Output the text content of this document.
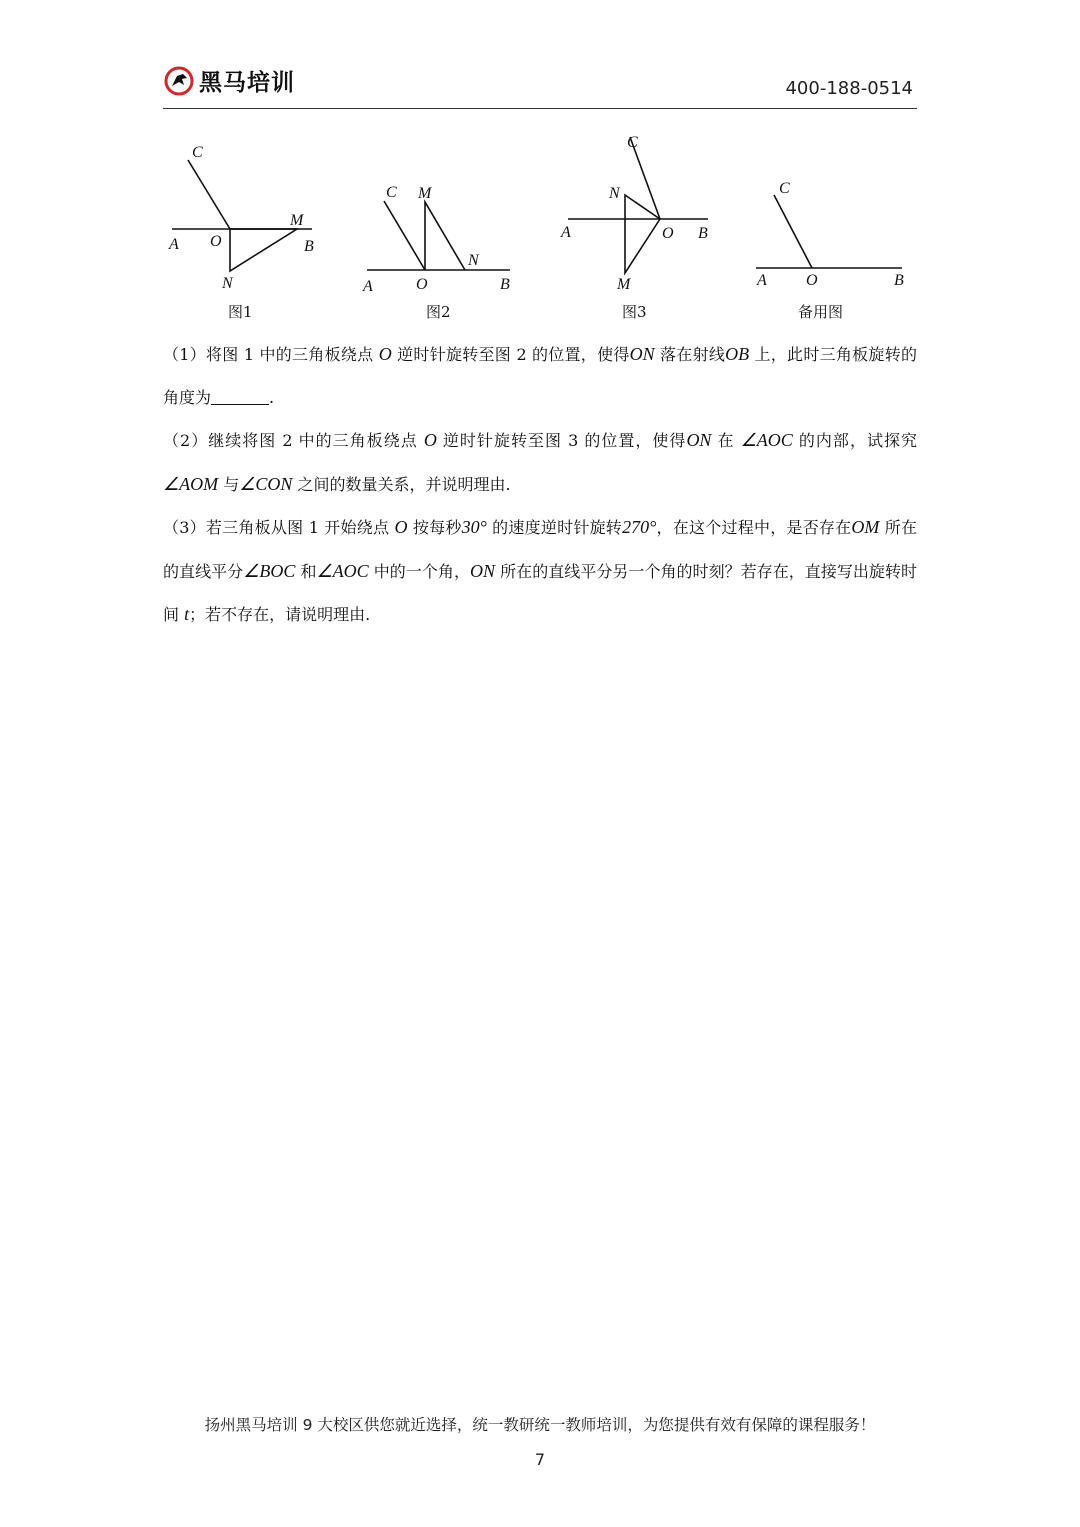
黑马培训	400-188-0514
C
M
A O	B
N
图1
C M
N
A	O	B
图2
C
N
A	O B
M
图3
C
A O	B
备用图

（1）将图 1 中的三角板绕点 O 逆时针旋转至图 2 的位置，使得ON 落在射线OB 上，此时三角板旋转的角度为	.

（2）继续将图 2 中的三角板绕点 O 逆时针旋转至图 3 的位置，使得ON 在 ∠AOC 的内部，试探究∠AOM 与∠CON 之间的数量关系，并说明理由.

（3）若三角板从图 1 开始绕点 O 按每秒30° 的速度逆时针旋转270°，在这个过程中，是否存在OM 所在的直线平分∠BOC 和∠AOC 中的一个角，ON 所在的直线平分另一个角的时刻？若存在，直接写出旋转时间 t；若不存在，请说明理由.

扬州黑马培训 9 大校区供您就近选择，统一教研统一教师培训，为您提供有效有保障的课程服务！
7
